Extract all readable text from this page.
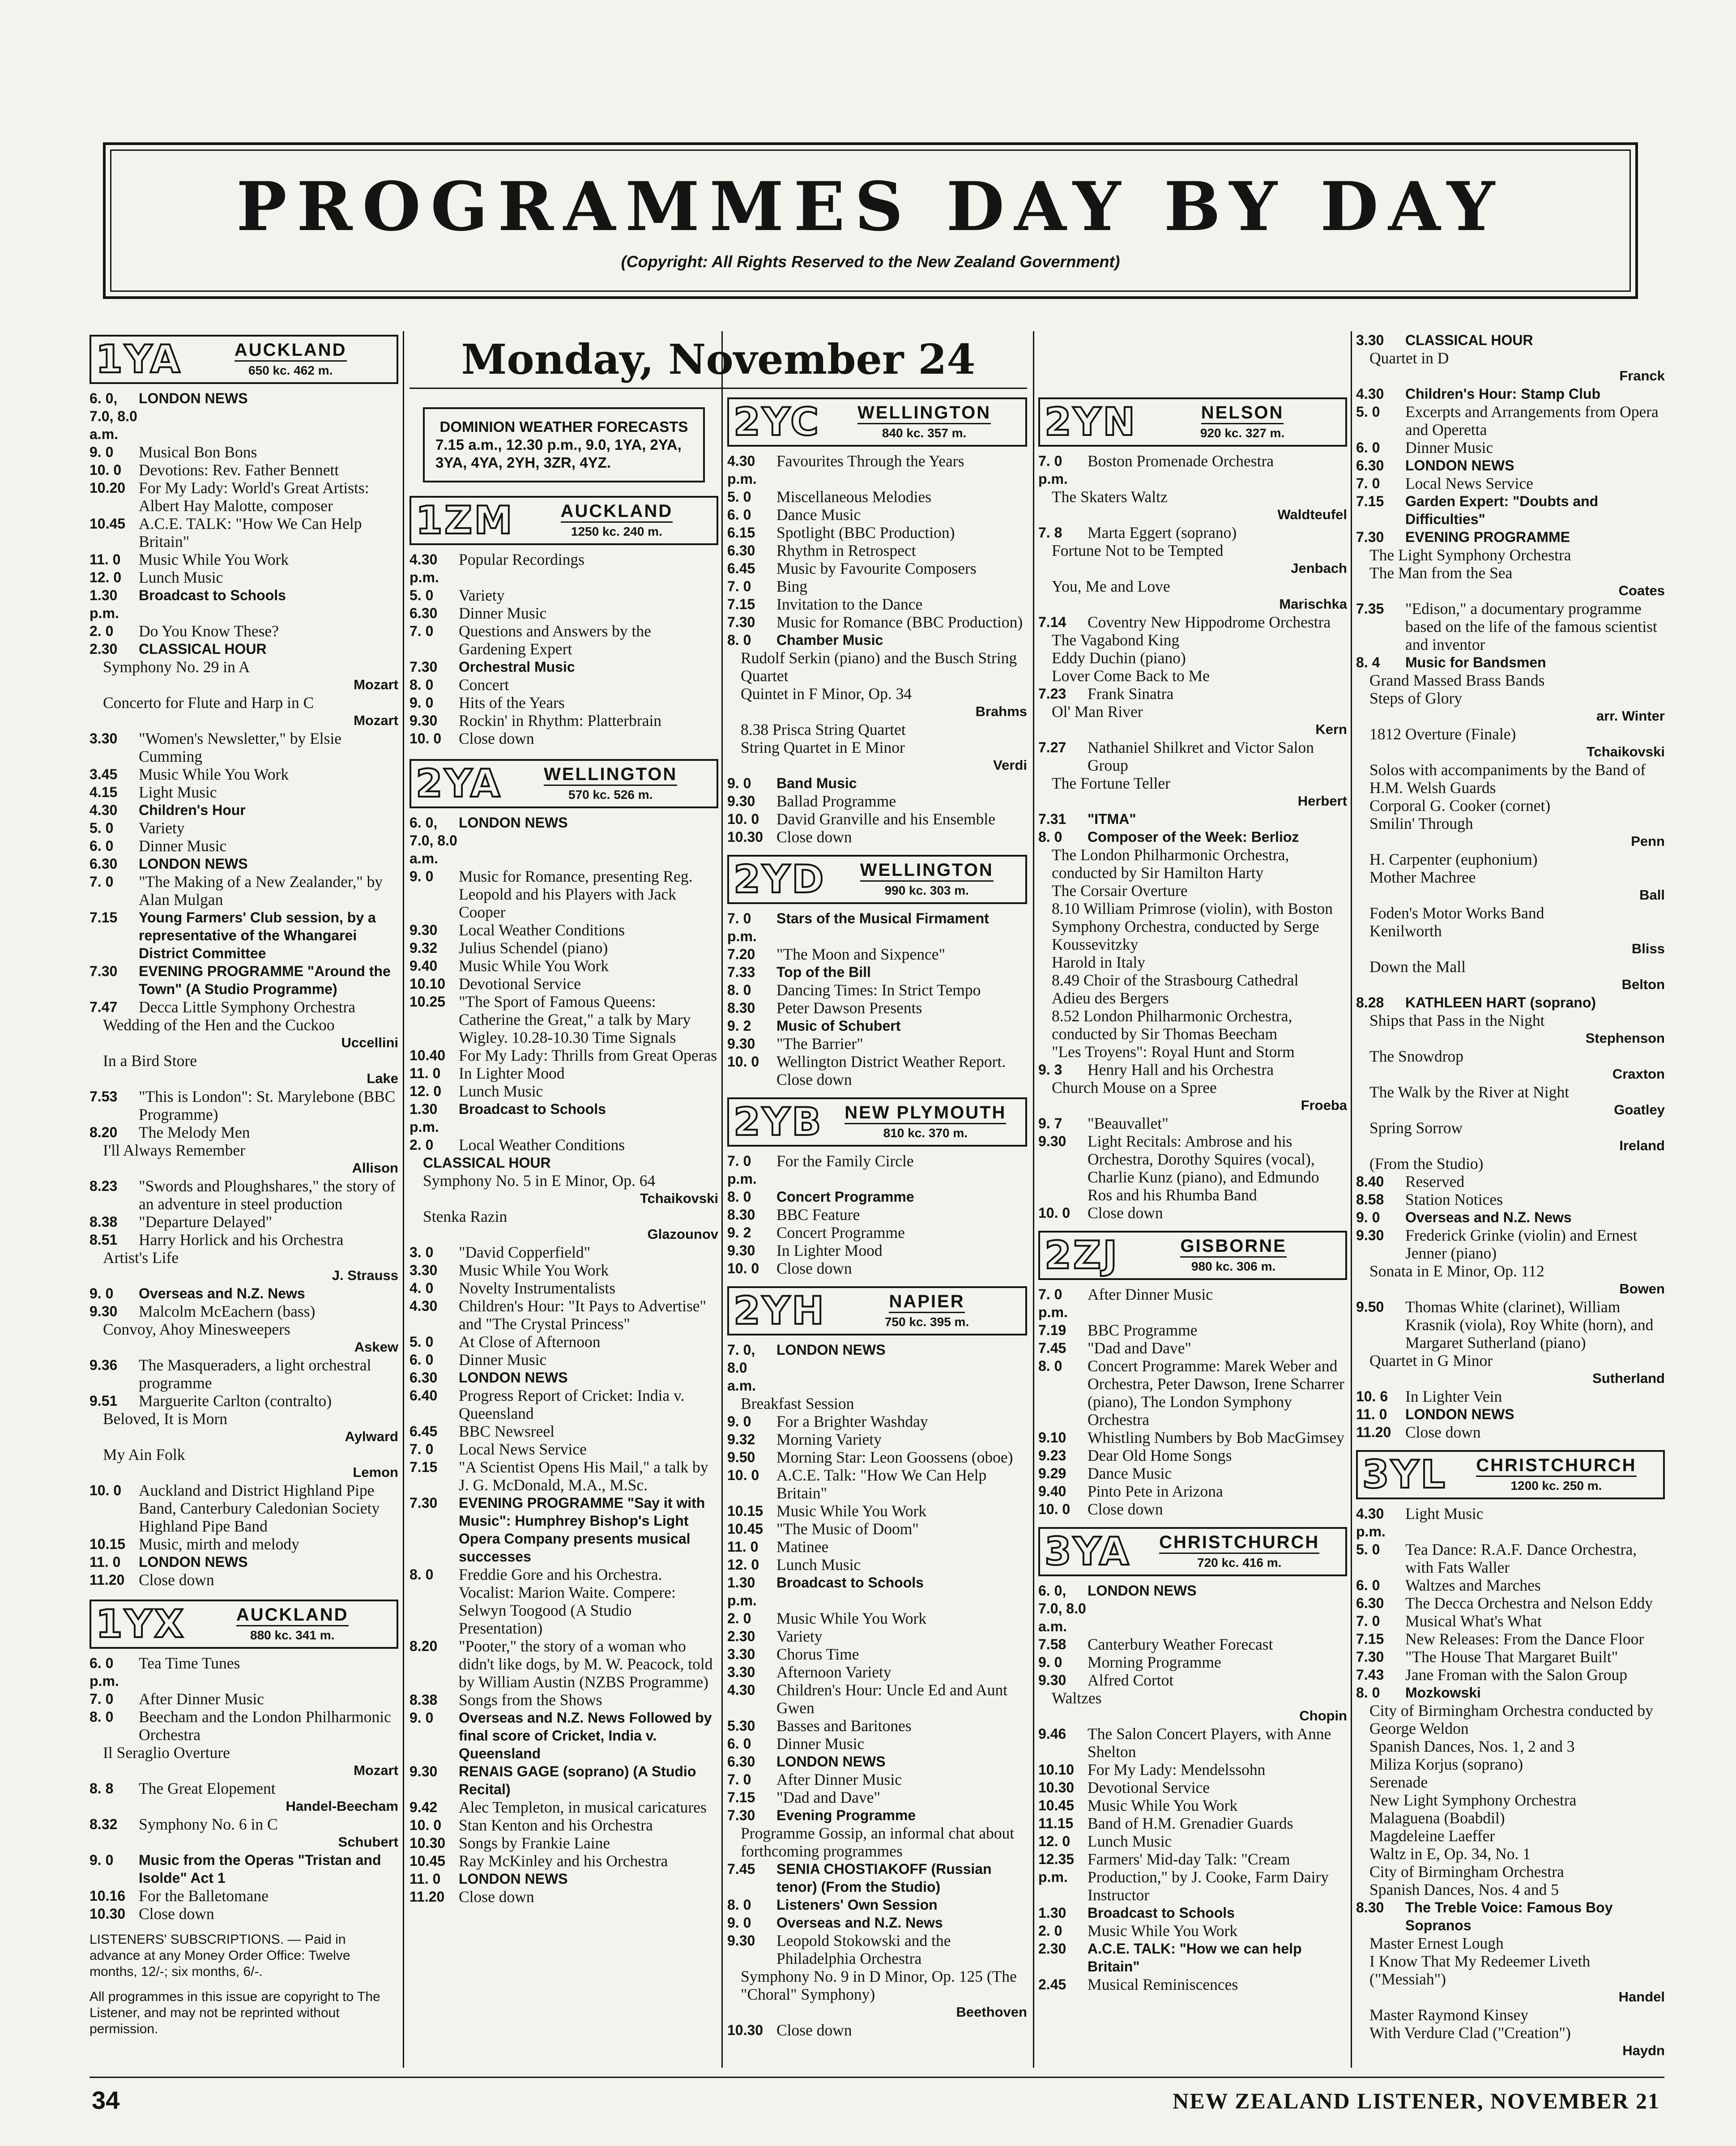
PROGRAMMES DAY BY DAY
(Copyright: All Rights Reserved to the New Zealand Government)
1YA	AUCKLAND
650 kc. 462 m.
6. 0, 7.0, 8.0 a.m.
LONDON NEWS
9. 0	Musical Bon Bons
10. 0	Devotions: Rev. Father Bennett
10.20 For My Lady: World's Great Artists: Albert Hay Malotte, composer
10.45 A.C.E. TALK: "How We Can Help Britain"
11. 0	Music While You Work
12. 0	Lunch Music
1.30 p.m.
Broadcast to Schools
2. 0	Do You Know These?
2.30	CLASSICAL HOUR
Symphony No. 29 in A
Mozart
Concerto for Flute and Harp in C
Mozart
3.30	"Women's Newsletter," by Elsie Cumming
3.45	Music While You Work
4.15	Light Music
4.30	Children's Hour
5. 0	Variety
6. 0	Dinner Music
6.30	LONDON NEWS
7. 0	"The Making of a New Zealander," by Alan Mulgan
7.15	Young Farmers' Club session, by a representative of the Whangarei District Committee
7.30	EVENING PROGRAMME "Around the Town" (A Studio Programme)
7.47	Decca Little Symphony Orchestra
Wedding of the Hen and the Cuckoo
Uccellini
In a Bird Store
Lake
7.53	"This is London": St. Marylebone (BBC Programme)
8.20	The Melody Men
I'll Always Remember
Allison
8.23	"Swords and Ploughshares," the story of an adventure in steel production
8.38	"Departure Delayed"
8.51	Harry Horlick and his Orchestra
Artist's Life
J. Strauss
9. 0	Overseas and N.Z. News
9.30	Malcolm McEachern (bass)
Convoy, Ahoy Minesweepers
Askew
9.36	The Masqueraders, a light orchestral programme
9.51	Marguerite Carlton (contralto)
Beloved, It is Morn
Aylward
My Ain Folk
Lemon
10. 0	Auckland and District Highland Pipe Band, Canterbury Caledonian Society Highland Pipe Band
10.15 Music, mirth and melody
11. 0	LONDON NEWS
11.20 Close down
1YX	AUCKLAND
880 kc. 341 m.
6. 0 p.m.
Tea Time Tunes
7. 0	After Dinner Music
8. 0	Beecham and the London Philharmonic Orchestra
Il Seraglio Overture
Mozart
8. 8	The Great Elopement
Handel-Beecham
8.32	Symphony No. 6 in C
Schubert
9. 0	Music from the Operas "Tristan and Isolde" Act 1
10.16 For the Balletomane
10.30 Close down
LISTENERS' SUBSCRIPTIONS. — Paid in advance at any Money Order Office: Twelve months, 12/-; six months, 6/-.
All programmes in this issue are copyright to The Listener, and may not be reprinted without permission.
Monday, November 24
DOMINION WEATHER FORECASTS
7.15 a.m., 12.30 p.m., 9.0, 1YA, 2YA, 3YA, 4YA, 2YH, 3ZR, 4YZ.
1ZM	AUCKLAND
1250 kc. 240 m.
4.30 p.m.
Popular Recordings
5. 0	Variety
6.30	Dinner Music
7. 0	Questions and Answers by the Gardening Expert
7.30	Orchestral Music
8. 0	Concert
9. 0	Hits of the Years
9.30	Rockin' in Rhythm: Platterbrain
10. 0	Close down
2YA WELLINGTON
570 kc. 526 m.
6. 0, 7.0, 8.0 a.m.
LONDON NEWS
9. 0	Music for Romance, presenting Reg. Leopold and his Players with Jack Cooper
9.30	Local Weather Conditions
9.32	Julius Schendel (piano)
9.40	Music While You Work
10.10 Devotional Service
10.25 "The Sport of Famous Queens: Catherine the Great," a talk by Mary Wigley. 10.28-10.30 Time Signals
10.40 For My Lady: Thrills from Great Operas
11. 0	In Lighter Mood
12. 0	Lunch Music
1.30 p.m.
Broadcast to Schools
2. 0	Local Weather Conditions
CLASSICAL HOUR
Symphony No. 5 in E Minor, Op. 64
Tchaikovski
Stenka Razin
Glazounov
3. 0	"David Copperfield"
3.30	Music While You Work
4. 0	Novelty Instrumentalists
4.30	Children's Hour: "It Pays to Advertise" and "The Crystal Princess"
5. 0	At Close of Afternoon
6. 0	Dinner Music
6.30	LONDON NEWS
6.40	Progress Report of Cricket: India v. Queensland
6.45	BBC Newsreel
7. 0	Local News Service
7.15	"A Scientist Opens His Mail," a talk by J. G. McDonald, M.A., M.Sc.
7.30	EVENING PROGRAMME "Say it with Music": Humphrey Bishop's Light Opera Company presents musical successes
8. 0	Freddie Gore and his Orchestra. Vocalist: Marion Waite. Compere: Selwyn Toogood (A Studio Presentation)
8.20	"Pooter," the story of a woman who didn't like dogs, by M. W. Peacock, told by William Austin (NZBS Programme)
8.38	Songs from the Shows
9. 0	Overseas and N.Z. News Followed by final score of Cricket, India v. Queensland
9.30	RENAIS GAGE (soprano) (A Studio Recital)
9.42	Alec Templeton, in musical caricatures
10. 0	Stan Kenton and his Orchestra
10.30 Songs by Frankie Laine
10.45 Ray McKinley and his Orchestra
11. 0	LONDON NEWS
11.20 Close down
2YC WELLINGTON
840 kc. 357 m.
4.30 p.m.
Favourites Through the Years
5. 0	Miscellaneous Melodies
6. 0	Dance Music
6.15	Spotlight (BBC Production)
6.30	Rhythm in Retrospect
6.45	Music by Favourite Composers
7. 0	Bing
7.15	Invitation to the Dance
7.30	Music for Romance (BBC Production)
8. 0	Chamber Music
Rudolf Serkin (piano) and the Busch String Quartet
Quintet in F Minor, Op. 34
Brahms
8.38 Prisca String Quartet
String Quartet in E Minor
Verdi
9. 0	Band Music
9.30	Ballad Programme
10. 0	David Granville and his Ensemble
10.30 Close down
2YD WELLINGTON
990 kc. 303 m.
7. 0 p.m.
Stars of the Musical Firmament
7.20	"The Moon and Sixpence"
7.33	Top of the Bill
8. 0	Dancing Times: In Strict Tempo
8.30	Peter Dawson Presents
9. 2	Music of Schubert
9.30	"The Barrier"
10. 0	Wellington District Weather Report. Close down
2YB NEW PLYMOUTH
810 kc. 370 m.
7. 0 p.m.
For the Family Circle
8. 0	Concert Programme
8.30	BBC Feature
9. 2	Concert Programme
9.30	In Lighter Mood
10. 0	Close down
2YH	NAPIER
750 kc. 395 m.
7. 0, 8.0 a.m.
LONDON NEWS
Breakfast Session
9. 0	For a Brighter Washday
9.32	Morning Variety
9.50	Morning Star: Leon Goossens (oboe)
10. 0	A.C.E. Talk: "How We Can Help Britain"
10.15 Music While You Work
10.45 "The Music of Doom"
11. 0	Matinee
12. 0	Lunch Music
1.30 p.m.
Broadcast to Schools
2. 0	Music While You Work
2.30	Variety
3.30	Chorus Time
3.30	Afternoon Variety
4.30	Children's Hour: Uncle Ed and Aunt Gwen
5.30	Basses and Baritones
6. 0	Dinner Music
6.30	LONDON NEWS
7. 0	After Dinner Music
7.15	"Dad and Dave"
7.30	Evening Programme
Programme Gossip, an informal chat about forthcoming programmes
7.45	SENIA CHOSTIAKOFF (Russian tenor) (From the Studio)
8. 0	Listeners' Own Session
9. 0	Overseas and N.Z. News
9.30	Leopold Stokowski and the Philadelphia Orchestra
Symphony No. 9 in D Minor, Op. 125 (The "Choral" Symphony)
Beethoven
10.30 Close down
2YN	NELSON
920 kc. 327 m.
7. 0 p.m.
Boston Promenade Orchestra
The Skaters Waltz
Waldteufel
7. 8	Marta Eggert (soprano)
Fortune Not to be Tempted
Jenbach
You, Me and Love
Marischka
7.14	Coventry New Hippodrome Orchestra
The Vagabond King
Eddy Duchin (piano)
Lover Come Back to Me
7.23	Frank Sinatra
Ol' Man River
Kern
7.27	Nathaniel Shilkret and Victor Salon Group
The Fortune Teller
Herbert
7.31	"ITMA"
8. 0	Composer of the Week: Berlioz
The London Philharmonic Orchestra, conducted by Sir Hamilton Harty
The Corsair Overture
8.10 William Primrose (violin), with Boston Symphony Orchestra, conducted by Serge Koussevitzky
Harold in Italy
8.49 Choir of the Strasbourg Cathedral
Adieu des Bergers
8.52 London Philharmonic Orchestra, conducted by Sir Thomas Beecham
"Les Troyens": Royal Hunt and Storm
9. 3	Henry Hall and his Orchestra
Church Mouse on a Spree
Froeba
9. 7	"Beauvallet"
9.30	Light Recitals: Ambrose and his Orchestra, Dorothy Squires (vocal), Charlie Kunz (piano), and Edmundo Ros and his Rhumba Band
10. 0	Close down
2ZJ	GISBORNE
980 kc. 306 m.
7. 0 p.m.
After Dinner Music
7.19	BBC Programme
7.45	"Dad and Dave"
8. 0	Concert Programme: Marek Weber and Orchestra, Peter Dawson, Irene Scharrer (piano), The London Symphony Orchestra
9.10	Whistling Numbers by Bob MacGimsey
9.23	Dear Old Home Songs
9.29	Dance Music
9.40	Pinto Pete in Arizona
10. 0	Close down
3YA CHRISTCHURCH
720 kc. 416 m.
6. 0, 7.0, 8.0 a.m.
LONDON NEWS
7.58	Canterbury Weather Forecast
9. 0	Morning Programme
9.30	Alfred Cortot
Waltzes
Chopin
9.46	The Salon Concert Players, with Anne Shelton
10.10 For My Lady: Mendelssohn
10.30 Devotional Service
10.45 Music While You Work
11.15 Band of H.M. Grenadier Guards
12. 0	Lunch Music
12.35 p.m.
Farmers' Mid-day Talk: "Cream Production," by J. Cooke, Farm Dairy Instructor
1.30	Broadcast to Schools
2. 0	Music While You Work
2.30	A.C.E. TALK: "How we can help Britain"
2.45	Musical Reminiscences
3.30	CLASSICAL HOUR
Quartet in D
Franck
4.30	Children's Hour: Stamp Club
5. 0	Excerpts and Arrangements from Opera and Operetta
6. 0	Dinner Music
6.30	LONDON NEWS
7. 0	Local News Service
7.15	Garden Expert: "Doubts and Difficulties"
7.30	EVENING PROGRAMME
The Light Symphony Orchestra
The Man from the Sea
Coates
7.35	"Edison," a documentary programme based on the life of the famous scientist and inventor
8. 4	Music for Bandsmen
Grand Massed Brass Bands
Steps of Glory
arr. Winter
1812 Overture (Finale)
Tchaikovski
Solos with accompaniments by the Band of H.M. Welsh Guards
Corporal G. Cooker (cornet)
Smilin' Through
Penn
H. Carpenter (euphonium)
Mother Machree
Ball
Foden's Motor Works Band
Kenilworth
Bliss
Down the Mall
Belton
8.28	KATHLEEN HART (soprano)
Ships that Pass in the Night
Stephenson
The Snowdrop
Craxton
The Walk by the River at Night
Goatley
Spring Sorrow
Ireland
(From the Studio)
8.40	Reserved
8.58	Station Notices
9. 0	Overseas and N.Z. News
9.30	Frederick Grinke (violin) and Ernest Jenner (piano)
Sonata in E Minor, Op. 112
Bowen
9.50	Thomas White (clarinet), William Krasnik (viola), Roy White (horn), and Margaret Sutherland (piano)
Quartet in G Minor
Sutherland
10. 6	In Lighter Vein
11. 0	LONDON NEWS
11.20 Close down
3YL CHRISTCHURCH
1200 kc. 250 m.
4.30 p.m.
Light Music
5. 0	Tea Dance: R.A.F. Dance Orchestra, with Fats Waller
6. 0	Waltzes and Marches
6.30	The Decca Orchestra and Nelson Eddy
7. 0	Musical What's What
7.15	New Releases: From the Dance Floor
7.30	"The House That Margaret Built"
7.43	Jane Froman with the Salon Group
8. 0	Mozkowski
City of Birmingham Orchestra conducted by George Weldon
Spanish Dances, Nos. 1, 2 and 3
Miliza Korjus (soprano)
Serenade
New Light Symphony Orchestra
Malaguena (Boabdil)
Magdeleine Laeffer
Waltz in E, Op. 34, No. 1
City of Birmingham Orchestra
Spanish Dances, Nos. 4 and 5
8.30	The Treble Voice: Famous Boy Sopranos
Master Ernest Lough
I Know That My Redeemer Liveth ("Messiah")
Handel
Master Raymond Kinsey
With Verdure Clad ("Creation")
Haydn
34	NEW ZEALAND LISTENER, NOVEMBER 21
